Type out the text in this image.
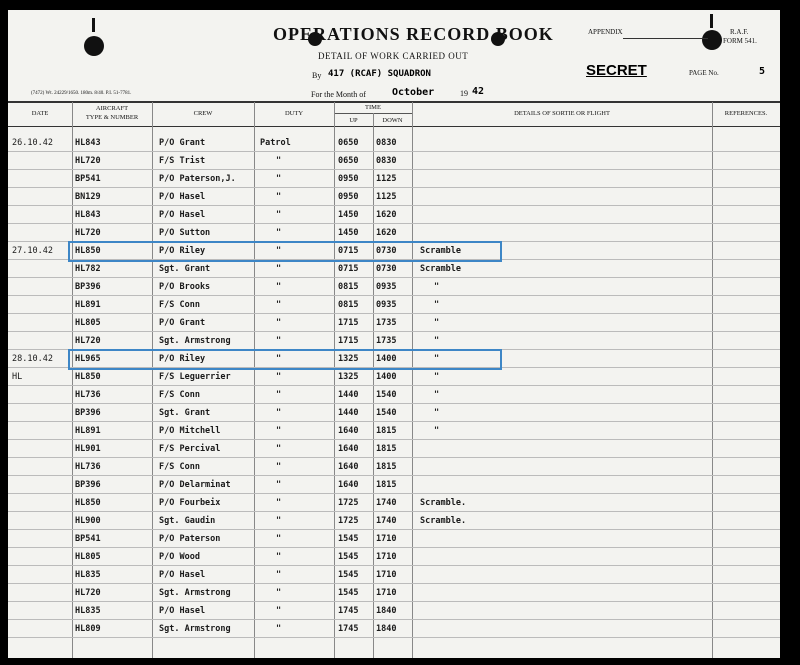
OPERATIONS RECORD BOOK
DETAIL OF WORK CARRIED OUT
By 417 (RCAF) SQUADRON
For the Month of	October	19 42
APPENDIX
SECRET
R.A.F.
FORM 541.
PAGE No.	5
(7472) Wt. 24229/1650. 180m. 8/40. P.I. 51-7781.
DATE
AIRCRAFT
TYPE & NUMBER
CREW	DUTY
TIME
UP	DOWN
DETAILS OF SORTIE OR FLIGHT	REFERENCES.
26.10.42	HL843	P/O Grant	Patrol	0650 0830
HL720	F/S Trist	"	0650 0830
BP541	P/O Paterson,J.	"	0950 1125
BN129	P/O Hasel	"	0950 1125
HL843	P/O Hasel	"	1450 1620
HL720	P/O Sutton	"	1450 1620
27.10.42	HL850	P/O Riley	"	0715 0730	Scramble
HL782	Sgt. Grant	"	0715 0730	Scramble
BP396	P/O Brooks	"	0815 0935	"
HL891	F/S Conn	"	0815 0935	"
HL805	P/O Grant	"	1715 1735	"
HL720	Sgt. Armstrong	"	1715 1735	"
28.10.42	HL965	P/O Riley	"	1325 1400	"
HL	HL850	F/S Leguerrier	"	1325 1400	"
HL736	F/S Conn	"	1440 1540	"
BP396	Sgt. Grant	"	1440 1540	"
HL891	P/O Mitchell	"	1640 1815	"
HL901	F/S Percival	"	1640 1815
HL736	F/S Conn	"	1640 1815
BP396	P/O Delarminat	"	1640 1815
HL850	P/O Fourbeix	"	1725 1740	Scramble.
HL900	Sgt. Gaudin	"	1725 1740	Scramble.
BP541	P/O Paterson	"	1545 1710
HL805	P/O Wood	"	1545 1710
HL835	P/O Hasel	"	1545 1710
HL720	Sgt. Armstrong	"	1545 1710
HL835	P/O Hasel	"	1745 1840
HL809	Sgt. Armstrong	"	1745 1840
